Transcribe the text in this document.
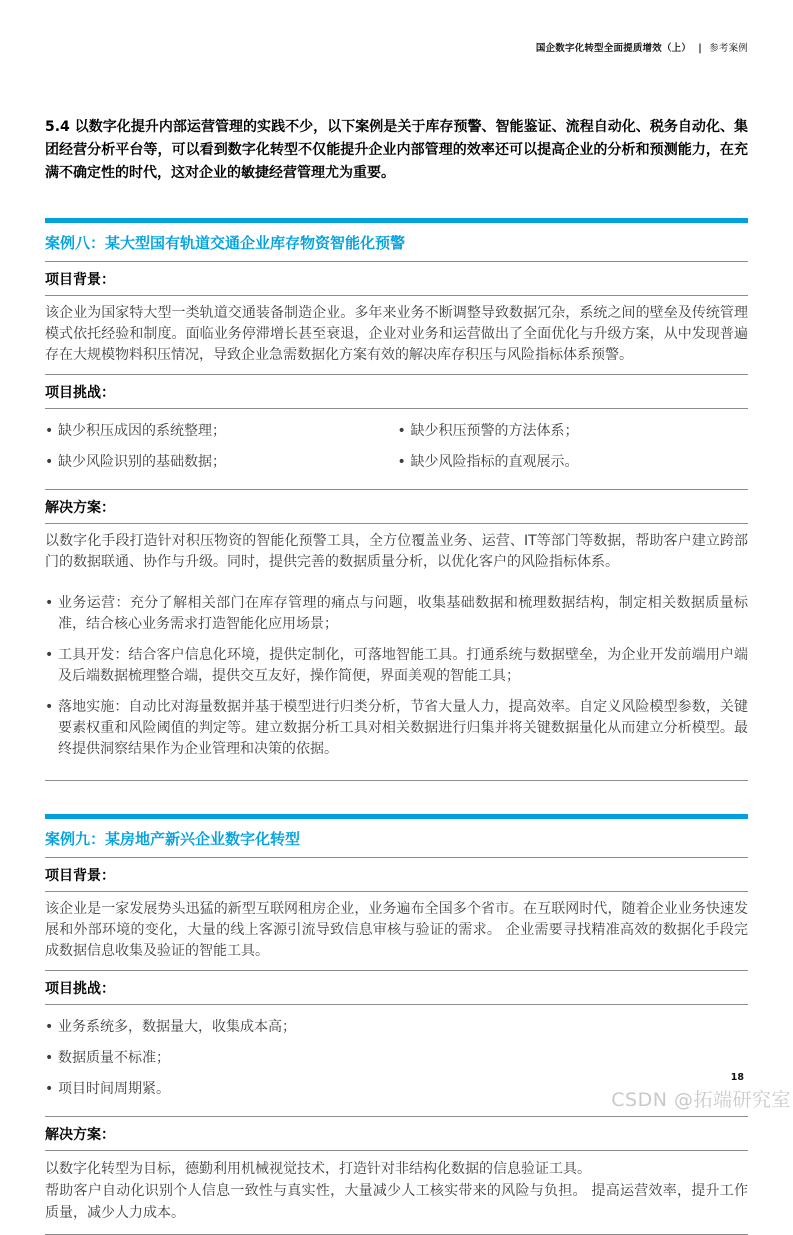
国企数字化转型全面提质增效（上） | 参考案例

5.4 以数字化提升内部运营管理的实践不少，以下案例是关于库存预警、智能鉴证、流程自动化、税务自动化、集团经营分析平台等，可以看到数字化转型不仅能提升企业内部管理的效率还可以提高企业的分析和预测能力，在充满不确定性的时代，这对企业的敏捷经营管理尤为重要。

案例八：某大型国有轨道交通企业库存物资智能化预警
项目背景：

该企业为国家特大型一类轨道交通装备制造企业。多年来业务不断调整导致数据冗杂，系统之间的壁垒及传统管理模式依托经验和制度。面临业务停滞增长甚至衰退，企业对业务和运营做出了全面优化与升级方案，从中发现普遍存在大规模物料积压情况，导致企业急需数据化方案有效的解决库存积压与风险指标体系预警。

项目挑战：
• 缺少积压成因的系统整理；
• 缺少风险识别的基础数据；
• 缺少积压预警的方法体系；
• 缺少风险指标的直观展示。
解决方案：

以数字化手段打造针对积压物资的智能化预警工具，全方位覆盖业务、运营、IT等部门等数据，帮助客户建立跨部门的数据联通、协作与升级。同时，提供完善的数据质量分析，以优化客户的风险指标体系。

• 业务运营：充分了解相关部门在库存管理的痛点与问题，收集基础数据和梳理数据结构，制定相关数据质量标准，结合核心业务需求打造智能化应用场景；
• 工具开发：结合客户信息化环境，提供定制化，可落地智能工具。打通系统与数据壁垒，为企业开发前端用户端及后端数据梳理整合端，提供交互友好，操作简便，界面美观的智能工具；
• 落地实施：自动比对海量数据并基于模型进行归类分析，节省大量人力，提高效率。自定义风险模型参数，关键要素权重和风险阈值的判定等。建立数据分析工具对相关数据进行归集并将关键数据量化从而建立分析模型。最终提供洞察结果作为企业管理和决策的依据。
案例九：某房地产新兴企业数字化转型
项目背景：

该企业是一家发展势头迅猛的新型互联网租房企业，业务遍布全国多个省市。在互联网时代，随着企业业务快速发展和外部环境的变化，大量的线上客源引流导致信息审核与验证的需求。 企业需要寻找精准高效的数据化手段完成数据信息收集及验证的智能工具。

项目挑战：
• 业务系统多，数据量大，收集成本高；
• 数据质量不标准；
• 项目时间周期紧。
解决方案：
以数字化转型为目标，德勤利用机械视觉技术，打造针对非结构化数据的信息验证工具。
帮助客户自动化识别个人信息一致性与真实性，大量减少人工核实带来的风险与负担。 提高运营效率，提升工作质量，减少人力成本。
18
CSDN @拓端研究室
